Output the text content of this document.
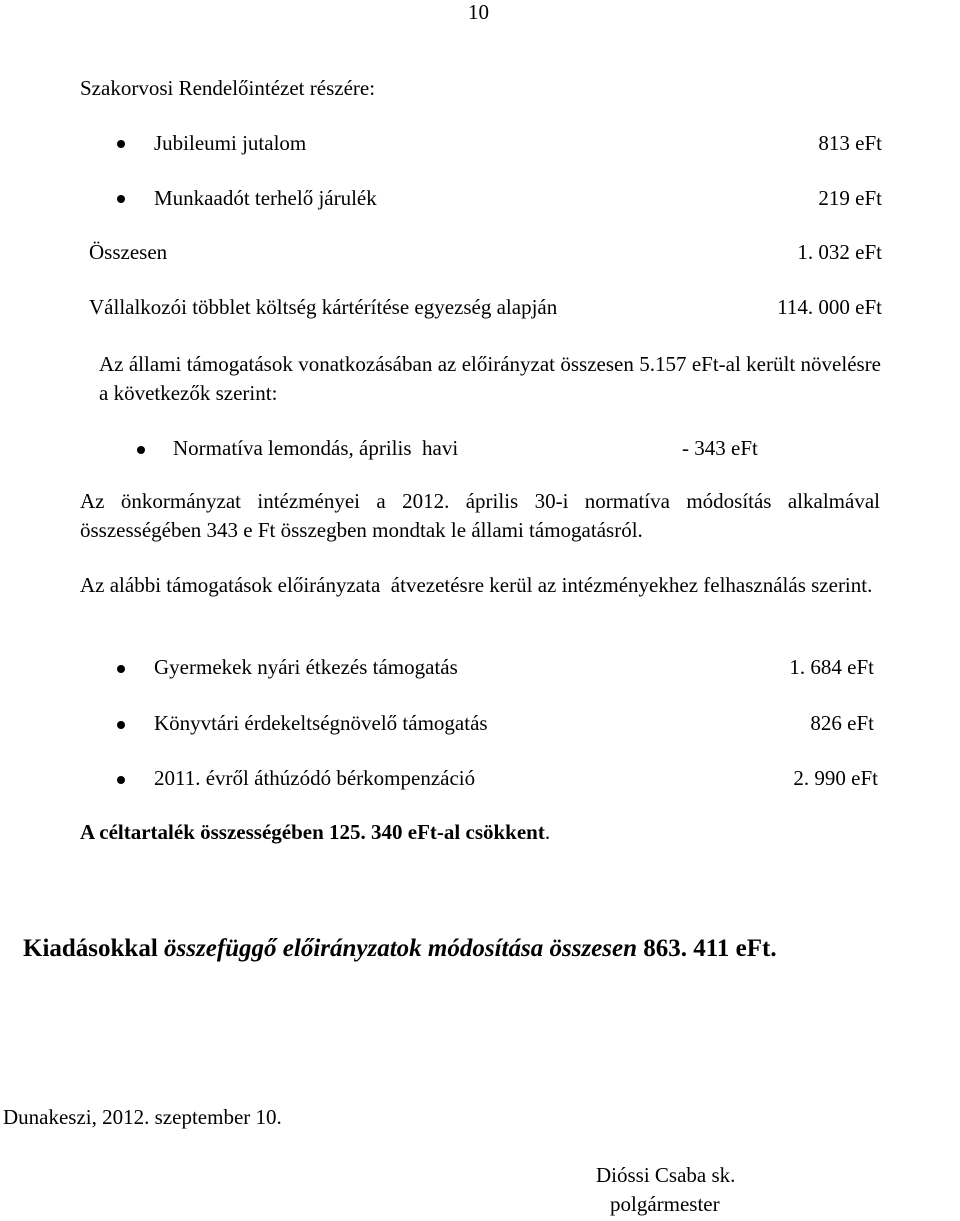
10
Szakorvosi Rendelőintézet részére:
Jubileumi jutalom	813 eFt
Munkaadót terhelő járulék	219 eFt
Összesen	1. 032 eFt
Vállalkozói többlet költség kártérítése egyezség alapján	114. 000 eFt
Az állami támogatások vonatkozásában az előirányzat összesen 5.157 eFt-al került növelésre a következők szerint:
Normatíva lemondás, április  havi	- 343 eFt
Az önkormányzat intézményei a 2012. április 30-i normatíva módosítás alkalmával összességében 343 e Ft összegben mondtak le állami támogatásról.
Az alábbi támogatások előirányzata  átvezetésre kerül az intézményekhez felhasználás szerint.
Gyermekek nyári étkezés támogatás	1. 684 eFt
Könyvtári érdekeltségnövelő támogatás	826 eFt
2011. évről áthúzódó bérkompenzáció	2. 990 eFt
A céltartalék összességében 125. 340 eFt-al csökkent.
Kiadásokkal összefüggő előirányzatok módosítása összesen 863. 411 eFt.
Dunakeszi, 2012. szeptember 10.
Dióssi Csaba sk.
polgármester
